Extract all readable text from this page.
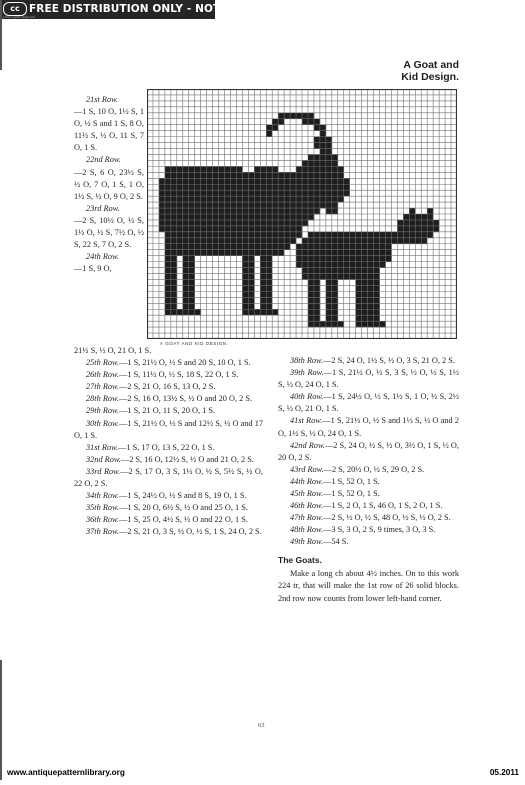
cc FREE DISTRIBUTION ONLY - NOT FOR SALE
some rights reserved
A Goat and
Kid Design.
A GOAT AND KID DESIGN.
21st Row.
—1 S, 10 O, 1½ S, 1 O, ½ S and 1 S, 8 O, 11½ S, ½ O, 11 S, 7 O, 1 S.
22nd Row.
—2 S, 6 O, 23½ S, ½ O, 7 O, 1 S, 1 O, 1½ S, ½ O, 9 O, 2 S.
23rd Row.
—2 S, 10½ O, ½ S, 1½ O, ½ S, 7½ O, ½ S, 22 S, 7 O, 2 S.
24th Row.
—1 S, 9 O,
21½ S, ½ O, 21 O, 1 S.
25th Row.—1 S, 21½ O, ½ S and 20 S, 10 O, 1 S.
26th Row.—1 S, 11½ O, ½ S, 18 S, 22 O, 1 S.
27th Row.—2 S, 21 O, 16 S, 13 O, 2 S.
28th Row.—2 S, 16 O, 13½ S, ½ O and 20 O, 2 S.
29th Row.—1 S, 21 O, 11 S, 20 O, 1 S.
30th Row.—1 S, 21½ O, ½ S and 12½ S, ½ O and 17 O, 1 S.
31st Row.—1 S, 17 O, 13 S, 22 O, 1 S.
32nd Row.—2 S, 16 O, 12½ S, ½ O and 21 O, 2 S.
33rd Row.—2 S, 17 O, 3 S, 1½ O, ½ S, 5½ S, ½ O, 22 O, 2 S.
34th Row.—1 S, 24½ O, ½ S and 8 S, 19 O, 1 S.
35th Row.—1 S, 20 O, 6½ S, ½ O and 25 O, 1 S.
36th Row.—1 S, 25 O, 4½ S, ½ O and 22 O, 1 S.
37th Row.—2 S, 21 O, 3 S, ½ O, ½ S, 1 S, 24 O, 2 S.
38th Row.—2 S, 24 O, 1½ S, ½ O, 3 S, 21 O, 2 S.
39th Row.—1 S, 21½ O, ½ S, 3 S, ½ O, ½ S, 1½ S, ½ O, 24 O, 1 S.
40th Row.—1 S, 24½ O, ½ S, 1½ S, 1 O, ½ S, 2½ S, ½ O, 21 O, 1 S.
41st Row.—1 S, 21½ O, ½ S and 1½ S, ½ O and 2 O, 1½ S, ½ O, 24 O, 1 S.
42nd Row.—2 S, 24 O, ½ S, ½ O, 3½ O, 1 S, ½ O, 20 O, 2 S.
43rd Row.—2 S, 20½ O, ½ S, 29 O, 2 S.
44th Row.—1 S, 52 O, 1 S.
45th Row.—1 S, 52 O, 1 S.
46th Row.—1 S, 2 O, 1 S, 46 O, 1 S, 2 O, 1 S.
47th Row.—2 S, ½ O, ½ S, 48 O, ½ S, ½ O, 2 S.
48th Row.—3 S, 3 O, 2 S, 9 times, 3 O, 3 S.
49th Row.—54 S.
The Goats.
Make a long ch about 4½ inches. On to this work 224 tr, that will make the 1st row of 26 solid blocks. 2nd row now counts from lower left-hand corner.
63
www.antiquepatternlibrary.org	05.2011
